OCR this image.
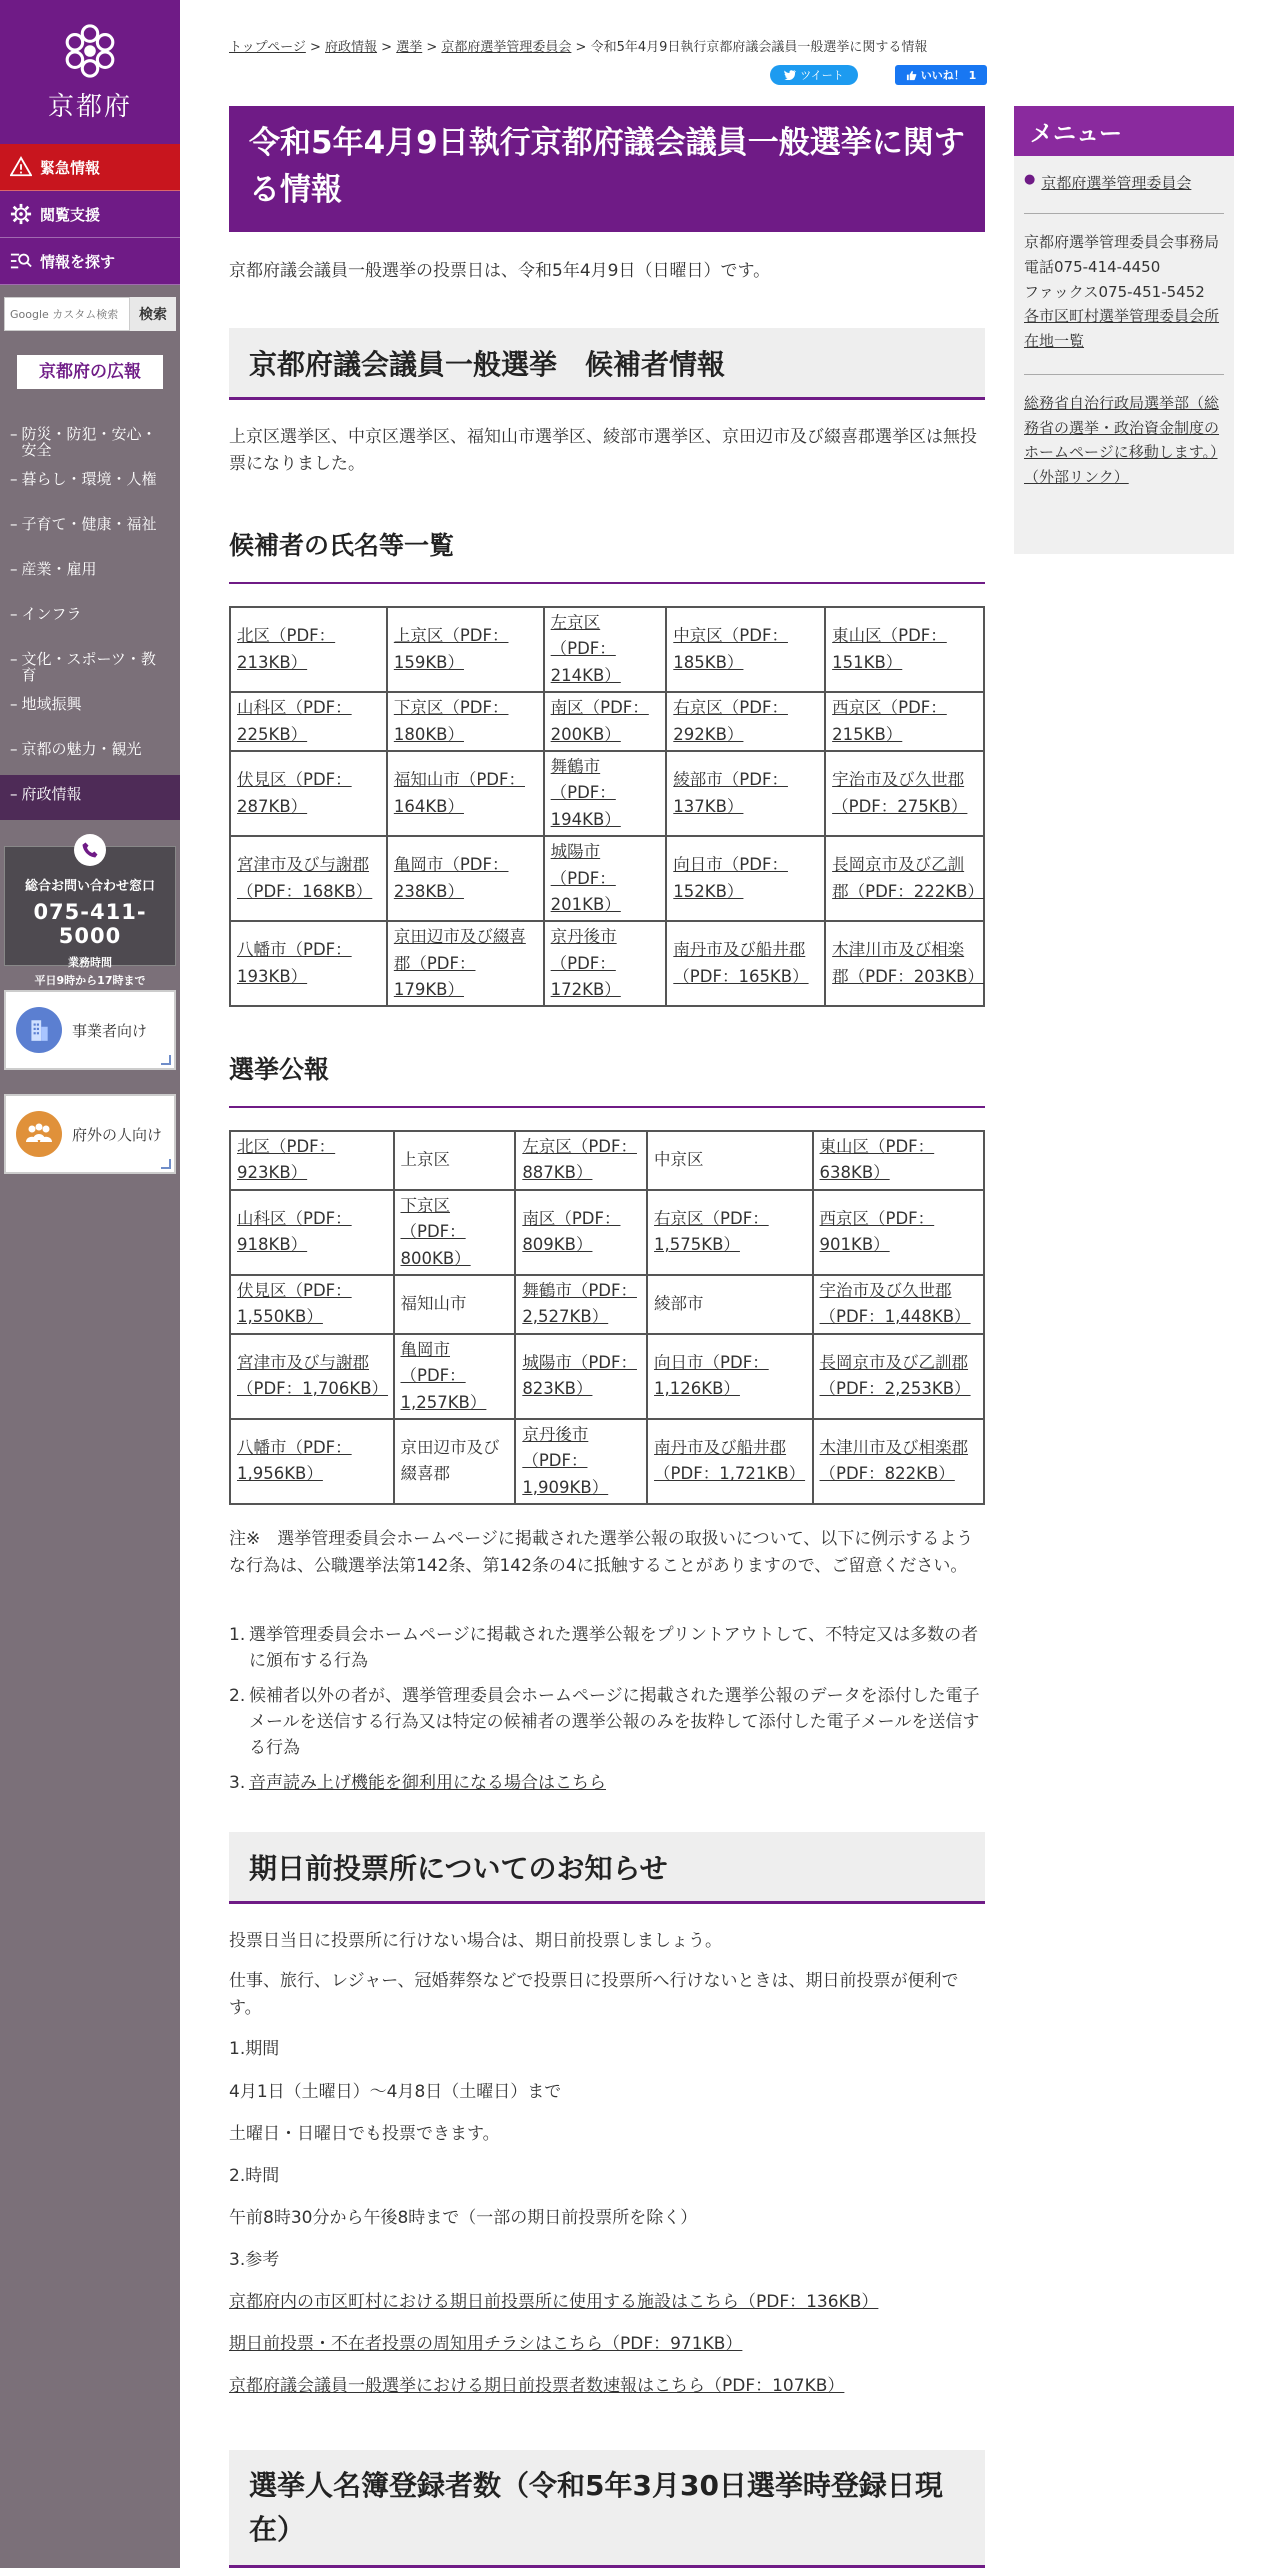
京都府
緊急情報
閲覧支援
情報を探す
Google カスタム検索
検索
京都府の広報
– 防災・防犯・安心・安全
– 暮らし・環境・人権
– 子育て・健康・福祉
– 産業・雇用
– インフラ
– 文化・スポーツ・教育
– 地域振興
– 京都の魅力・観光
– 府政情報
総合お問い合わせ窓口
075-411-5000
業務時間
平日9時から17時まで
事業者向け
府外の人向け
トップページ > 府政情報 > 選挙 > 京都府選挙管理委員会 > 令和5年4月9日執行京都府議会議員一般選挙に関する情報
令和5年4月9日執行京都府議会議員一般選挙に関する情報
京都府議会議員一般選挙の投票日は、令和5年4月9日（日曜日）です。
京都府議会議員一般選挙　候補者情報
上京区選挙区、中京区選挙区、福知山市選挙区、綾部市選挙区、京田辺市及び綴喜郡選挙区は無投票になりました。
候補者の氏名等一覧
北区（PDF：213KB）	上京区（PDF：159KB）	左京区（PDF：214KB）	中京区（PDF：185KB）	東山区（PDF：151KB）
山科区（PDF：225KB）	下京区（PDF：180KB）	南区（PDF：200KB）	右京区（PDF：292KB）	西京区（PDF：215KB）
伏見区（PDF：287KB）	福知山市（PDF：164KB）	舞鶴市（PDF：194KB）	綾部市（PDF：137KB）	宇治市及び久世郡（PDF：275KB）
宮津市及び与謝郡（PDF：168KB）	亀岡市（PDF：238KB）	城陽市（PDF：201KB）	向日市（PDF：152KB）	長岡京市及び乙訓郡（PDF：222KB）
八幡市（PDF：193KB）	京田辺市及び綴喜郡（PDF：179KB）	京丹後市（PDF：172KB）	南丹市及び船井郡（PDF：165KB）	木津川市及び相楽郡（PDF：203KB）
選挙公報
北区（PDF：923KB）	上京区	左京区（PDF：887KB）	中京区	東山区（PDF：638KB）
山科区（PDF：918KB）	下京区（PDF：800KB）	南区（PDF：809KB）	右京区（PDF：1,575KB）	西京区（PDF：901KB）
伏見区（PDF：1,550KB）	福知山市	舞鶴市（PDF：2,527KB）	綾部市	宇治市及び久世郡（PDF：1,448KB）
宮津市及び与謝郡（PDF：1,706KB）	亀岡市（PDF：1,257KB）	城陽市（PDF：823KB）	向日市（PDF：1,126KB）	長岡京市及び乙訓郡（PDF：2,253KB）
八幡市（PDF：1,956KB）	京田辺市及び綴喜郡	京丹後市（PDF：1,909KB）	南丹市及び船井郡（PDF：1,721KB）	木津川市及び相楽郡（PDF：822KB）
注※　選挙管理委員会ホームページに掲載された選挙公報の取扱いについて、以下に例示するような行為は、公職選挙法第142条、第142条の4に抵触することがありますので、ご留意ください。
1. 選挙管理委員会ホームページに掲載された選挙公報をプリントアウトして、不特定又は多数の者に頒布する行為
2. 候補者以外の者が、選挙管理委員会ホームページに掲載された選挙公報のデータを添付した電子メールを送信する行為又は特定の候補者の選挙公報のみを抜粋して添付した電子メールを送信する行為
3. 音声読み上げ機能を御利用になる場合はこちら
期日前投票所についてのお知らせ
投票日当日に投票所に行けない場合は、期日前投票しましょう。
仕事、旅行、レジャー、冠婚葬祭などで投票日に投票所へ行けないときは、期日前投票が便利です。
1.期間
4月1日（土曜日）～4月8日（土曜日）まで
土曜日・日曜日でも投票できます。
2.時間
午前8時30分から午後8時まで（一部の期日前投票所を除く）
3.参考
京都府内の市区町村における期日前投票所に使用する施設はこちら（PDF：136KB）
期日前投票・不在者投票の周知用チラシはこちら（PDF：971KB）
京都府議会議員一般選挙における期日前投票者数速報はこちら（PDF：107KB）
選挙人名簿登録者数（令和5年3月30日選挙時登録日現在）
ツイート	いいね！ 1
メニュー
● 京都府選挙管理委員会
京都府選挙管理委員会事務局
電話075-414-4450
ファックス075-451-5452
各市区町村選挙管理委員会所在地一覧
総務省自治行政局選挙部（総務省の選挙・政治資金制度のホームページに移動します。）（外部リンク）
